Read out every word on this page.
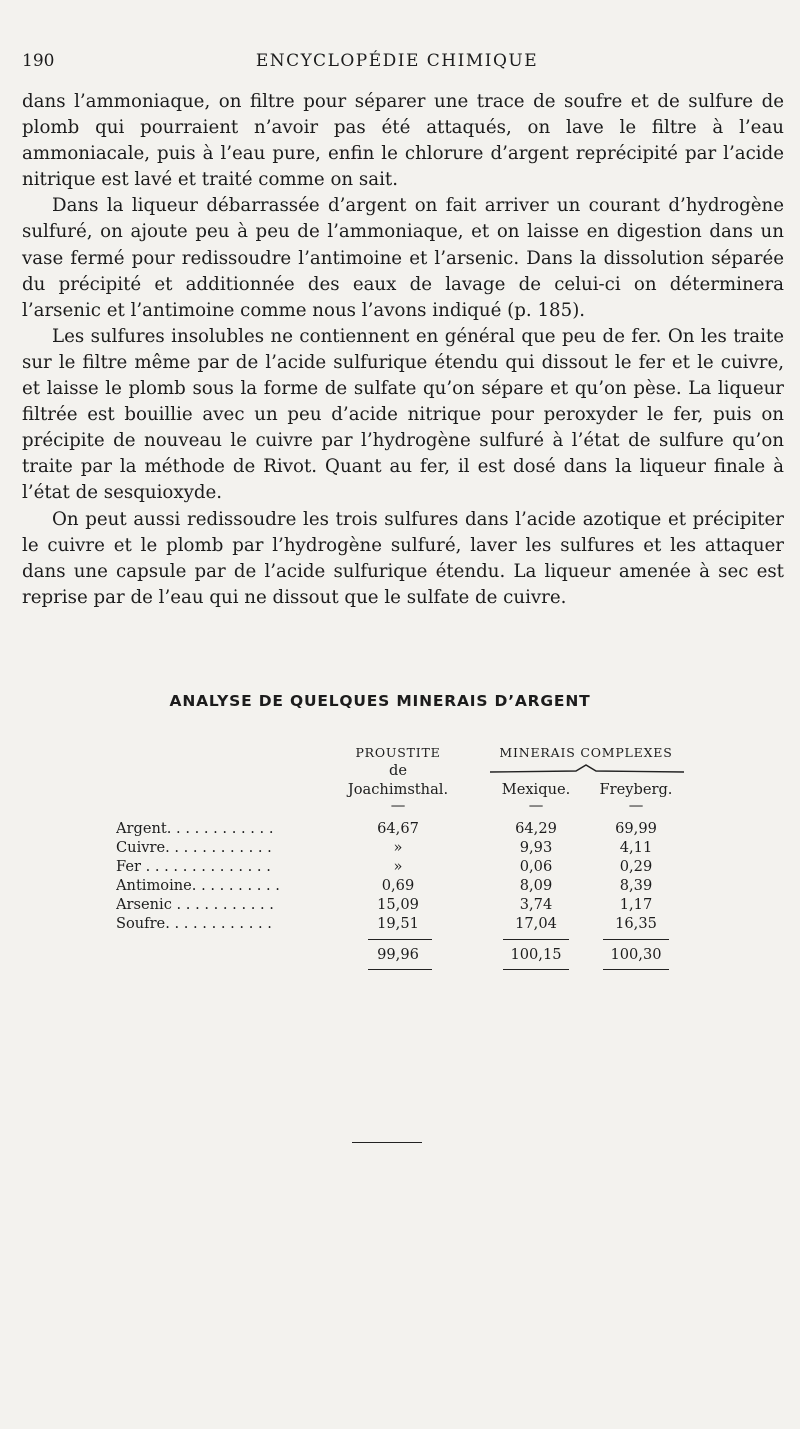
190	ENCYCLOPÉDIE CHIMIQUE

dans l’ammoniaque, on filtre pour séparer une trace de soufre et de sulfure de plomb qui pourraient n’avoir pas été attaqués, on lave le filtre à l’eau ammoniacale, puis à l’eau pure, enfin le chlorure d’argent reprécipité par l’acide nitrique est lavé et traité comme on sait.

Dans la liqueur débarrassée d’argent on fait arriver un courant d’hydrogène sulfuré, on ajoute peu à peu de l’ammoniaque, et on laisse en digestion dans un vase fermé pour redissoudre l’antimoine et l’arsenic. Dans la dissolution séparée du précipité et additionnée des eaux de lavage de celui-ci on déterminera l’arsenic et l’antimoine comme nous l’avons indiqué (p. 185).

Les sulfures insolubles ne contiennent en général que peu de fer. On les traite sur le filtre même par de l’acide sulfurique étendu qui dissout le fer et le cuivre, et laisse le plomb sous la forme de sulfate qu’on sépare et qu’on pèse. La liqueur filtrée est bouillie avec un peu d’acide nitrique pour peroxyder le fer, puis on précipite de nouveau le cuivre par l’hydrogène sulfuré à l’état de sulfure qu’on traite par la méthode de Rivot. Quant au fer, il est dosé dans la liqueur finale à l’état de sesquioxyde.

On peut aussi redissoudre les trois sulfures dans l’acide azotique et précipiter le cuivre et le plomb par l’hydrogène sulfuré, laver les sulfures et les attaquer dans une capsule par de l’acide sulfurique étendu. La liqueur amenée à sec est reprise par de l’eau qui ne dissout que le sulfate de cuivre.

ANALYSE DE QUELQUES MINERAIS D’ARGENT
PROUSTITE
de
Joachimsthal.
MINERAIS COMPLEXES
Mexique.	Freyberg.
—	—	—
Argent. . . . . . . . . . . .	64,67	64,29	69,99
Cuivre. . . . . . . . . . . .	»	9,93	4,11
Fer . . . . . . . . . . . . . .	»	0,06	0,29
Antimoine. . . . . . . . . .	0,69	8,09	8,39
Arsenic . . . . . . . . . . .	15,09	3,74	1,17
Soufre. . . . . . . . . . . .	19,51	17,04	16,35
99,96	100,15	100,30
